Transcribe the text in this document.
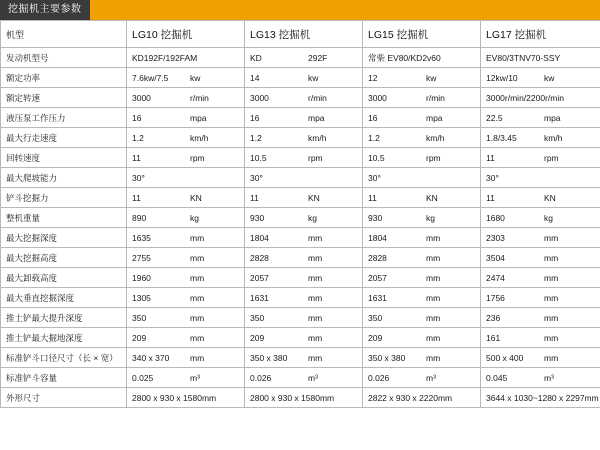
挖掘机主要参数
机型	LG10 挖掘机	LG13 挖掘机	LG15 挖掘机	LG17 挖掘机
发动机型号	KD192F/192FAM	KD 292F	常柴 EV80/KD2v60	EV80/3TNV70-SSY

额定功率	7.6kw/7.5 kw	14 kw	12 kw	12kw/10 kw

额定转速	3000 r/min	3000 r/min	3000 r/min	3000r/min/2200r/min

液压泵工作压力	16 mpa	16 mpa	16 mpa	22.5 mpa

最大行走速度	1.2 km/h	1.2 km/h	1.2 km/h	1.8/3.45 km/h

回转速度	11 rpm	10.5 rpm	10.5 rpm	11 rpm

最大爬坡能力	30°	30°	30°	30°

铲斗挖掘力	11 KN	11 KN	11 KN	11 KN

整机重量	890 kg	930 kg	930 kg	1680 kg

最大挖掘深度	1635 mm	1804 mm	1804 mm	2303 mm

最大挖掘高度	2755 mm	2828 mm	2828 mm	3504 mm

最大卸载高度	1960 mm	2057 mm	2057 mm	2474 mm

最大垂直挖掘深度	1305 mm	1631 mm	1631 mm	1756 mm

推土铲最大提升深度	350 mm	350 mm	350 mm	236 mm

推土铲最大掘地深度	209 mm	209 mm	209 mm	161 mm

标准铲斗口径尺寸（长 × 宽）	340 x 370 mm	350 x 380 mm	350 x 380 mm	500 x 400 mm

标准铲斗容量	0.025 m³	0.026 m³	0.026 m³	0.045 m³

外形尺寸	2800 x 930 x 1580mm	2800 x 930 x 1580mm	2822 x 930 x 2220mm	3644 x 1030~1280 x 2297mm
